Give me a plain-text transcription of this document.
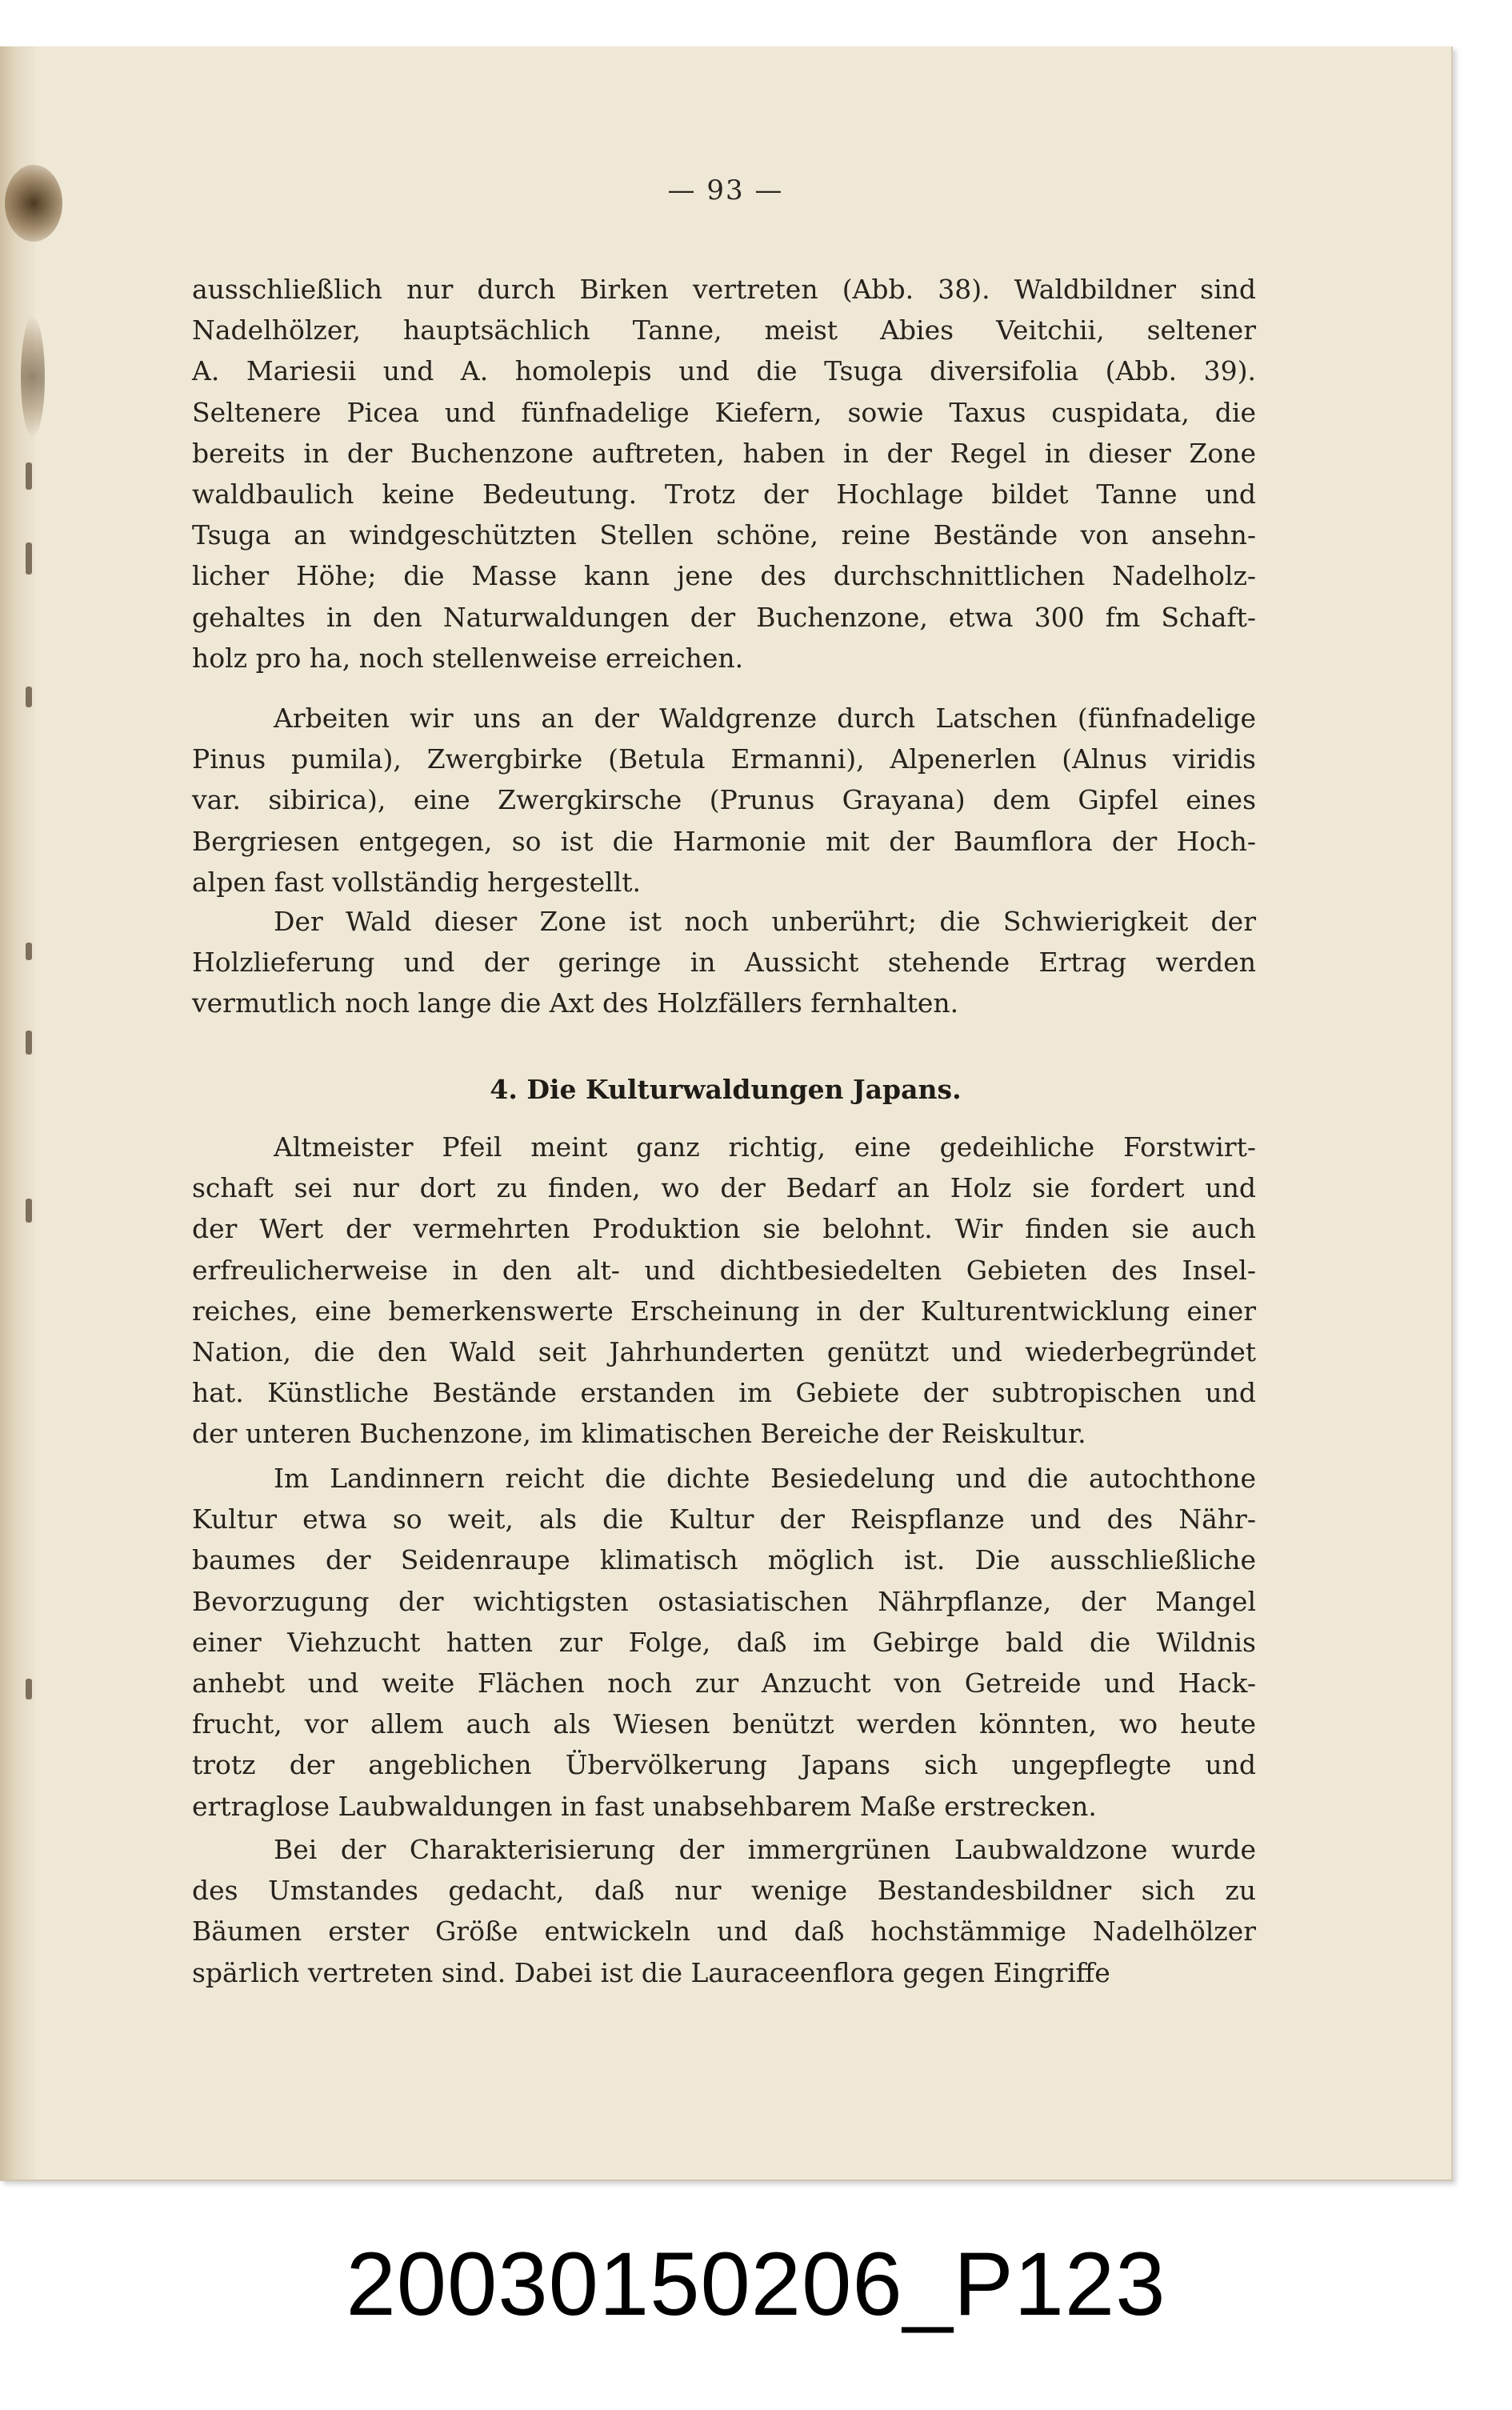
— 93 —
ausschließlich nur durch Birken vertreten (Abb. 38). Waldbildner sind
Nadelhölzer, hauptsächlich Tanne, meist Abies Veitchii, seltener
A. Mariesii und A. homolepis und die Tsuga diversifolia (Abb. 39).
Seltenere Picea und fünfnadelige Kiefern, sowie Taxus cuspidata, die
bereits in der Buchenzone auftreten, haben in der Regel in dieser Zone
waldbaulich keine Bedeutung. Trotz der Hochlage bildet Tanne und
Tsuga an windgeschützten Stellen schöne, reine Bestände von ansehn-
licher Höhe; die Masse kann jene des durchschnittlichen Nadelholz-
gehaltes in den Naturwaldungen der Buchenzone, etwa 300 fm Schaft-
holz pro ha, noch stellenweise erreichen.
Arbeiten wir uns an der Waldgrenze durch Latschen (fünfnadelige
Pinus pumila), Zwergbirke (Betula Ermanni), Alpenerlen (Alnus viridis
var. sibirica), eine Zwergkirsche (Prunus Grayana) dem Gipfel eines
Bergriesen entgegen, so ist die Harmonie mit der Baumflora der Hoch-
alpen fast vollständig hergestellt.
Der Wald dieser Zone ist noch unberührt; die Schwierigkeit der
Holzlieferung und der geringe in Aussicht stehende Ertrag werden
vermutlich noch lange die Axt des Holzfällers fernhalten.
4. Die Kulturwaldungen Japans.
Altmeister Pfeil meint ganz richtig, eine gedeihliche Forstwirt-
schaft sei nur dort zu finden, wo der Bedarf an Holz sie fordert und
der Wert der vermehrten Produktion sie belohnt. Wir finden sie auch
erfreulicherweise in den alt- und dichtbesiedelten Gebieten des Insel-
reiches, eine bemerkenswerte Erscheinung in der Kulturentwicklung einer
Nation, die den Wald seit Jahrhunderten genützt und wiederbegründet
hat. Künstliche Bestände erstanden im Gebiete der subtropischen und
der unteren Buchenzone, im klimatischen Bereiche der Reiskultur.
Im Landinnern reicht die dichte Besiedelung und die autochthone
Kultur etwa so weit, als die Kultur der Reispflanze und des Nähr-
baumes der Seidenraupe klimatisch möglich ist. Die ausschließliche
Bevorzugung der wichtigsten ostasiatischen Nährpflanze, der Mangel
einer Viehzucht hatten zur Folge, daß im Gebirge bald die Wildnis
anhebt und weite Flächen noch zur Anzucht von Getreide und Hack-
frucht, vor allem auch als Wiesen benützt werden könnten, wo heute
trotz der angeblichen Übervölkerung Japans sich ungepflegte und
ertraglose Laubwaldungen in fast unabsehbarem Maße erstrecken.
Bei der Charakterisierung der immergrünen Laubwaldzone wurde
des Umstandes gedacht, daß nur wenige Bestandesbildner sich zu
Bäumen erster Größe entwickeln und daß hochstämmige Nadelhölzer
spärlich vertreten sind. Dabei ist die Lauraceenflora gegen Eingriffe
20030150206_P123
